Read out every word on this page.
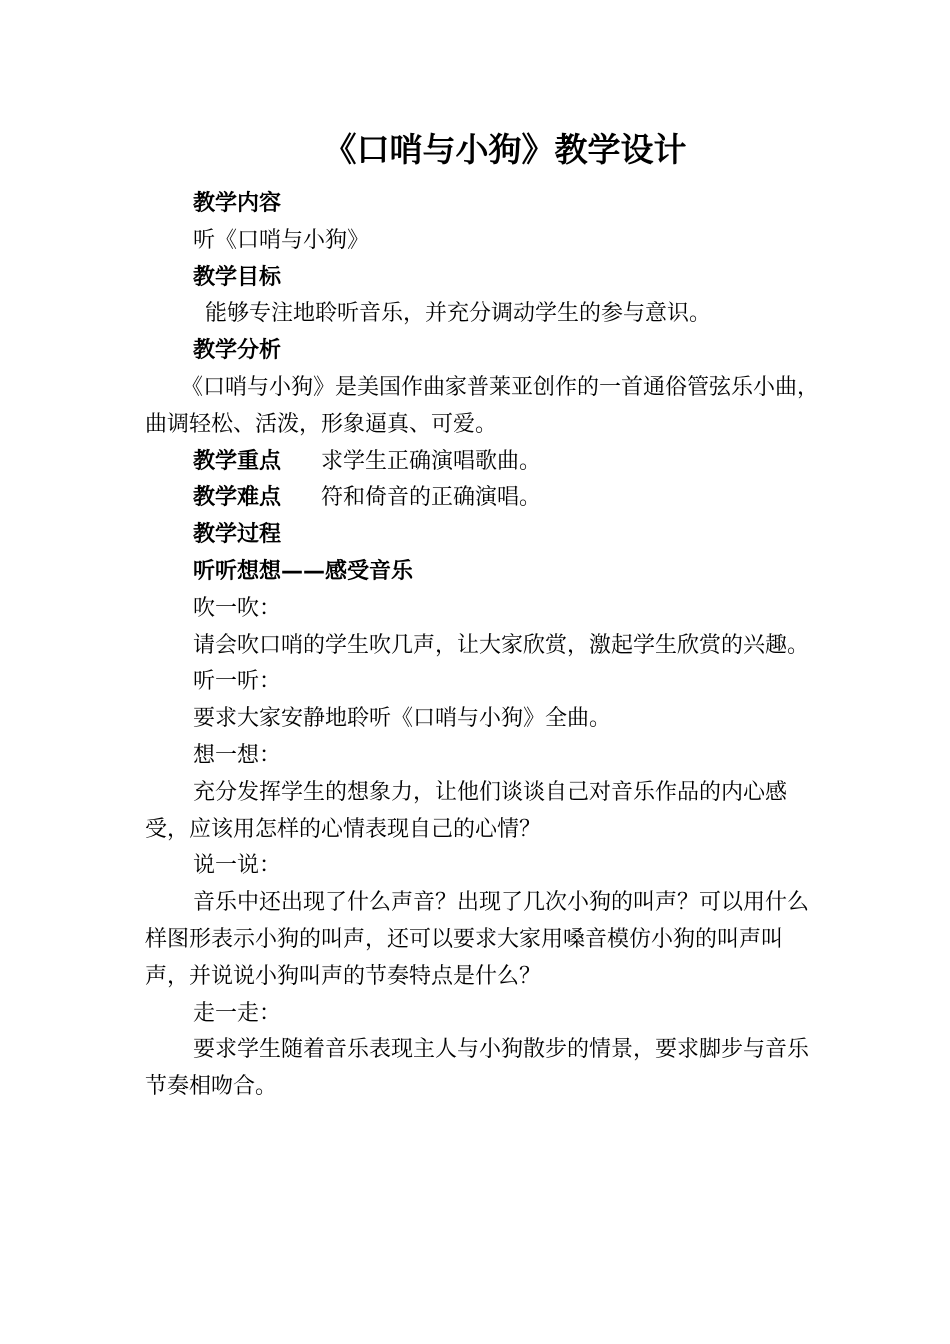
《口哨与小狗》教学设计

教学内容

听《口哨与小狗》

教学目标

能够专注地聆听音乐，并充分调动学生的参与意识。

教学分析

《口哨与小狗》是美国作曲家普莱亚创作的一首通俗管弦乐小曲，曲调轻松、活泼，形象逼真、可爱。

教学重点 求学生正确演唱歌曲。

教学难点 符和倚音的正确演唱。

教学过程

听听想想——感受音乐

吹一吹：

请会吹口哨的学生吹几声，让大家欣赏，激起学生欣赏的兴趣。

听一听：

要求大家安静地聆听《口哨与小狗》全曲。

想一想：

充分发挥学生的想象力，让他们谈谈自己对音乐作品的内心感受，应该用怎样的心情表现自己的心情？

说一说：

音乐中还出现了什么声音？出现了几次小狗的叫声？可以用什么样图形表示小狗的叫声，还可以要求大家用嗓音模仿小狗的叫声叫声，并说说小狗叫声的节奏特点是什么？

走一走：

要求学生随着音乐表现主人与小狗散步的情景，要求脚步与音乐节奏相吻合。
